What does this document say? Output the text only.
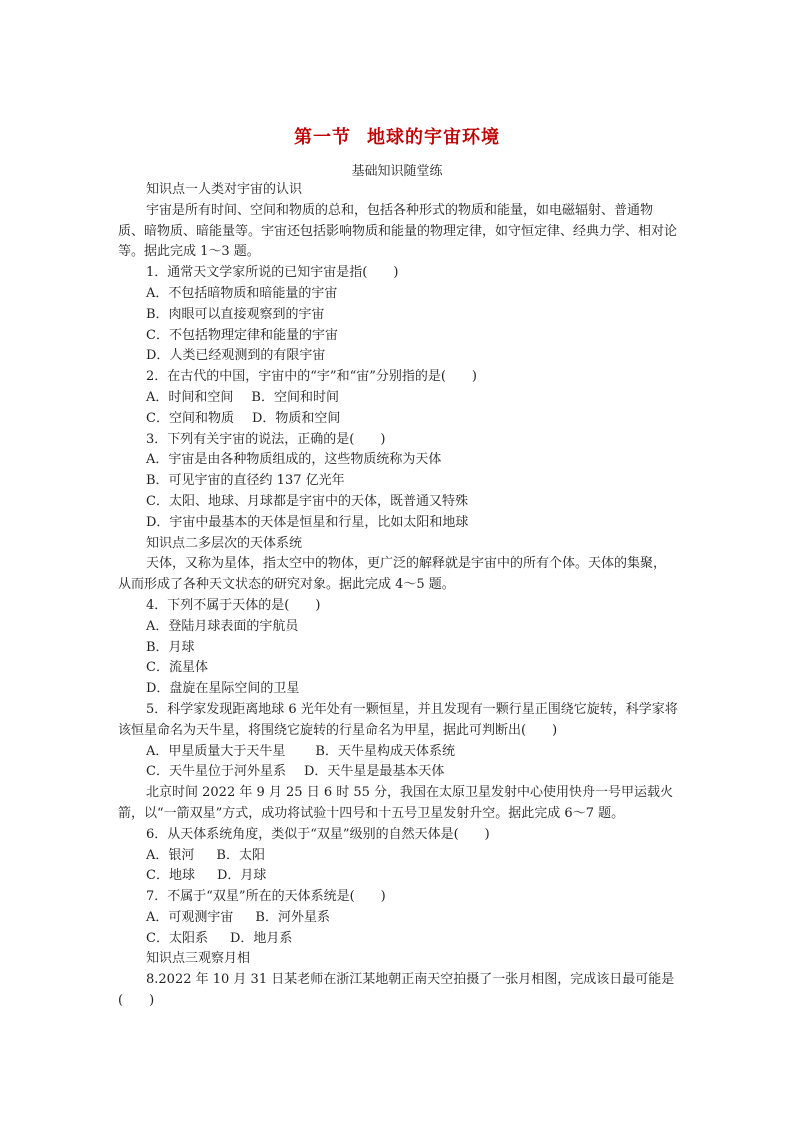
第一节 地球的宇宙环境
基础知识随堂练

知识点一人类对宇宙的认识

宇宙是所有时间、空间和物质的总和，包括各种形式的物质和能量，如电磁辐射、普通物质、暗物质、暗能量等。宇宙还包括影响物质和能量的物理定律，如守恒定律、经典力学、相对论等。据此完成 1～3 题。

1．通常天文学家所说的已知宇宙是指(　　)

A．不包括暗物质和暗能量的宇宙

B．肉眼可以直接观察到的宇宙

C．不包括物理定律和能量的宇宙

D．人类已经观测到的有限宇宙

2．在古代的中国，宇宙中的“宇”和“宙”分别指的是(　　)

A．时间和空间 B．空间和时间

C．空间和物质 D．物质和空间

3．下列有关宇宙的说法，正确的是(　　)

A．宇宙是由各种物质组成的，这些物质统称为天体

B．可见宇宙的直径约 137 亿光年

C．太阳、地球、月球都是宇宙中的天体，既普通又特殊

D．宇宙中最基本的天体是恒星和行星，比如太阳和地球

知识点二多层次的天体系统

天体，又称为星体，指太空中的物体，更广泛的解释就是宇宙中的所有个体。天体的集聚，从而形成了各种天文状态的研究对象。据此完成 4～5 题。

4．下列不属于天体的是(　　)

A．登陆月球表面的宇航员

B．月球

C．流星体

D．盘旋在星际空间的卫星

5．科学家发现距离地球 6 光年处有一颗恒星，并且发现有一颗行星正围绕它旋转，科学家将该恒星命名为天牛星，将围绕它旋转的行星命名为甲星，据此可判断出(　　)

A．甲星质量大于天牛星 B．天牛星构成天体系统

C．天牛星位于河外星系 D．天牛星是最基本天体

北京时间 2022 年 9 月 25 日 6 时 55 分，我国在太原卫星发射中心使用快舟一号甲运载火箭，以“一箭双星”方式，成功将试验十四号和十五号卫星发射升空。据此完成 6～7 题。

6．从天体系统角度，类似于“双星”级别的自然天体是(　　)

A．银河 B．太阳

C．地球 D．月球

7．不属于“双星”所在的天体系统是(　　)

A．可观测宇宙 B．河外星系

C．太阳系 D．地月系

知识点三观察月相

8.2022 年 10 月 31 日某老师在浙江某地朝正南天空拍摄了一张月相图，完成该日最可能是(　　)
